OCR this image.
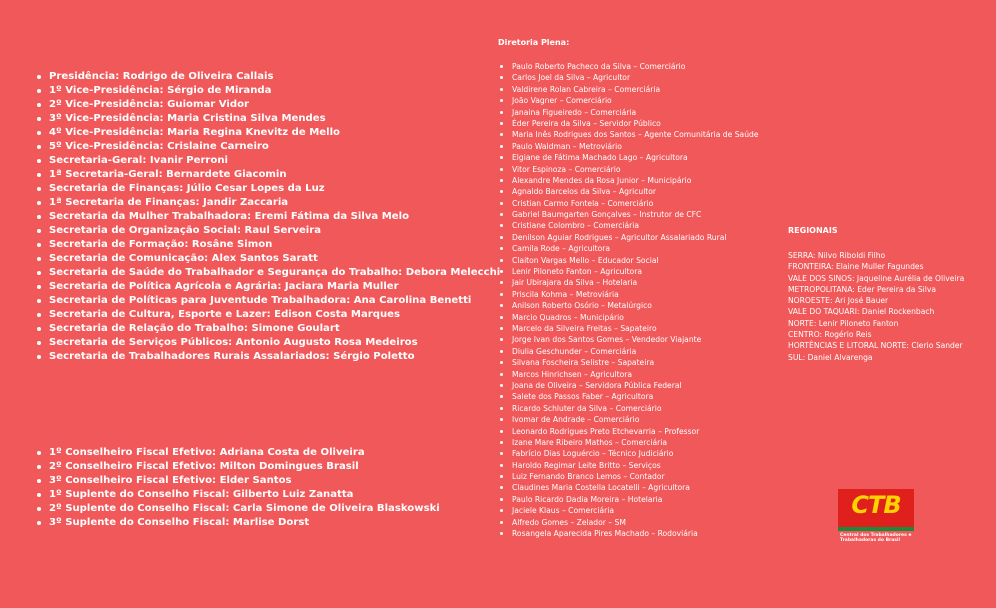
Presidência: Rodrigo de Oliveira Callais
1º Vice-Presidência: Sérgio de Miranda
2º Vice-Presidência: Guiomar Vidor
3º Vice-Presidência: Maria Cristina Silva Mendes
4º Vice-Presidência: Maria Regina Knevitz de Mello
5º Vice-Presidência: Crislaine Carneiro
Secretaria-Geral: Ivanir Perroni
1ª Secretaria-Geral: Bernardete Giacomin
Secretaria de Finanças: Júlio Cesar Lopes da Luz
1ª Secretaria de Finanças: Jandir Zaccaria
Secretaria da Mulher Trabalhadora: Eremi Fátima da Silva Melo
Secretaria de Organização Social: Raul Serveira
Secretaria de Formação: Rosâne Simon
Secretaria de Comunicação: Alex Santos Saratt
Secretaria de Saúde do Trabalhador e Segurança do Trabalho: Debora Melecchi
Secretaria de Política Agrícola e Agrária: Jaciara Maria Muller
Secretaria de Políticas para Juventude Trabalhadora: Ana Carolina Benetti
Secretaria de Cultura, Esporte e Lazer: Edison Costa Marques
Secretaria de Relação do Trabalho: Simone Goulart
Secretaria de Serviços Públicos: Antonio Augusto Rosa Medeiros
Secretaria de Trabalhadores Rurais Assalariados: Sérgio Poletto
1º Conselheiro Fiscal Efetivo: Adriana Costa de Oliveira
2º Conselheiro Fiscal Efetivo: Milton Domingues Brasil
3º Conselheiro Fiscal Efetivo: Elder Santos
1º Suplente do Conselho Fiscal: Gilberto Luiz Zanatta
2º Suplente do Conselho Fiscal: Carla Simone de Oliveira Blaskowski
3º Suplente do Conselho Fiscal: Marlise Dorst
Diretoria Plena:
Paulo Roberto Pacheco da Silva – Comerciário
Carlos Joel da Silva – Agricultor
Valdirene Rolan Cabreira – Comerciária
João Vagner – Comerciário
Janaina Figueiredo – Comerciária
Éder Pereira da Silva – Servidor Público
Maria Inês Rodrigues dos Santos – Agente Comunitária de Saúde
Paulo Waldman – Metroviário
Elgiane de Fátima Machado Lago – Agricultora
Vitor Espinoza – Comerciário
Alexandre Mendes da Rosa Junior – Municipário
Agnaldo Barcelos da Silva – Agricultor
Cristian Carmo Fontela – Comerciário
Gabriel Baumgarten Gonçalves – Instrutor de CFC
Cristiane Colombro – Comerciária
Denilson Aguiar Rodrigues – Agricultor Assalariado Rural
Camila Rode – Agricultora
Claiton Vargas Mello – Educador Social
Lenir Piloneto Fanton – Agricultora
Jair Ubirajara da Silva – Hotelaria
Priscila Kohma – Metroviária
Anilson Roberto Osório – Metalúrgico
Marcio Quadros – Municipário
Marcelo da Silveira Freitas – Sapateiro
Jorge Ivan dos Santos Gomes – Vendedor Viajante
Diulia Geschunder – Comerciária
Silvana Foscheira Selistre – Sapateira
Marcos Hinrichsen – Agricultora
Joana de Oliveira – Servidora Pública Federal
Salete dos Passos Faber – Agricultora
Ricardo Schluter da Silva – Comerciário
Ivomar de Andrade – Comerciário
Leonardo Rodrigues Preto Etchevarria – Professor
Izane Mare Ribeiro Mathos – Comerciária
Fabrício Dias Loguércio – Técnico Judiciário
Haroldo Regimar Leite Britto – Serviços
Luiz Fernando Branco Lemos – Contador
Claudines Maria Costella Locatelli – Agricultora
Paulo Ricardo Dadia Moreira – Hotelaria
Jaciele Klaus – Comerciária
Alfredo Gomes – Zelador – SM
Rosangela Aparecida Pires Machado – Rodoviária
REGIONAIS
SERRA: Nilvo Riboldi Filho
FRONTEIRA: Elaine Muller Fagundes
VALE DOS SINOS: Jaqueline Aurélia de Oliveira
METROPOLITANA: Eder Pereira da Silva
NOROESTE: Ari José Bauer
VALE DO TAQUARI: Daniel Rockenbach
NORTE: Lenir Piloneto Fanton
CENTRO: Rogério Reis
HORTÊNCIAS E LITORAL NORTE: Clerio Sander
SUL: Daniel Alvarenga
CTB
Central dos Trabalhadores e Trabalhadoras do Brasil
